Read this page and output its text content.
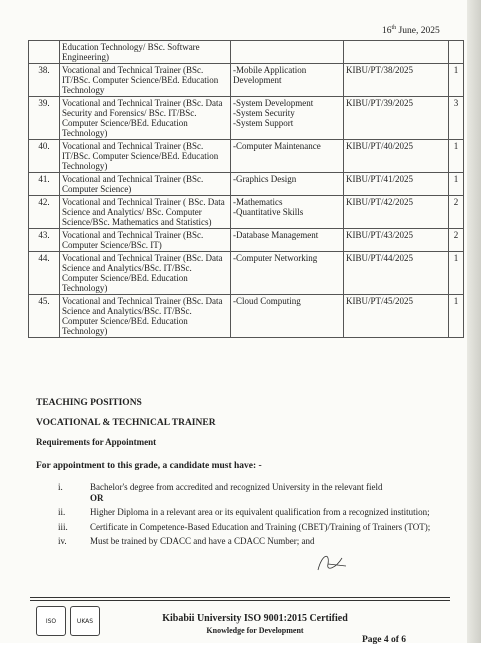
16th June, 2025
	Education Technology/ BSc. Software Engineering)			
38.	Vocational and Technical Trainer (BSc. IT/BSc. Computer Science/BEd. Education Technology	-Mobile Application Development	KIBU/PT/38/2025	1
39.	Vocational and Technical Trainer (BSc. Data Security and Forensics/ BSc. IT/BSc. Computer Science/BEd. Education Technology)	-System Development
-System Security
-System Support	KIBU/PT/39/2025	3
40.	Vocational and Technical Trainer (BSc. IT/BSc. Computer Science/BEd. Education Technology)	-Computer Maintenance	KIBU/PT/40/2025	1
41.	Vocational and Technical Trainer (BSc. Computer Science)	-Graphics Design	KIBU/PT/41/2025	1
42.	Vocational and Technical Trainer ( BSc. Data Science and Analytics/ BSc. Computer Science/BSc. Mathematics and Statistics)	-Mathematics
-Quantitative Skills	KIBU/PT/42/2025	2
43.	Vocational and Technical Trainer (BSc. Computer Science/BSc. IT)	-Database Management	KIBU/PT/43/2025	2
44.	Vocational and Technical Trainer (BSc. Data Science and Analytics/BSc. IT/BSc. Computer Science/BEd. Education Technology)	-Computer Networking	KIBU/PT/44/2025	1
45.	Vocational and Technical Trainer (BSc. Data Science and Analytics/BSc. IT/BSc. Computer Science/BEd. Education Technology)	-Cloud Computing	KIBU/PT/45/2025	1
TEACHING POSITIONS
VOCATIONAL & TECHNICAL TRAINER
Requirements for Appointment
For appointment to this grade, a candidate must have: -
i.	Bachelor's degree from accredited and recognized University in the relevant field
OR
ii.	Higher Diploma in a relevant area or its equivalent qualification from a recognized institution;
iii.	Certificate in Competence-Based Education and Training (CBET)/Training of Trainers (TOT);
iv.	Must be trained by CDACC and have a CDACC Number; and
ISO	UKAS	Kibabii University ISO 9001:2015 Certified
Knowledge for Development
Page 4 of 6
